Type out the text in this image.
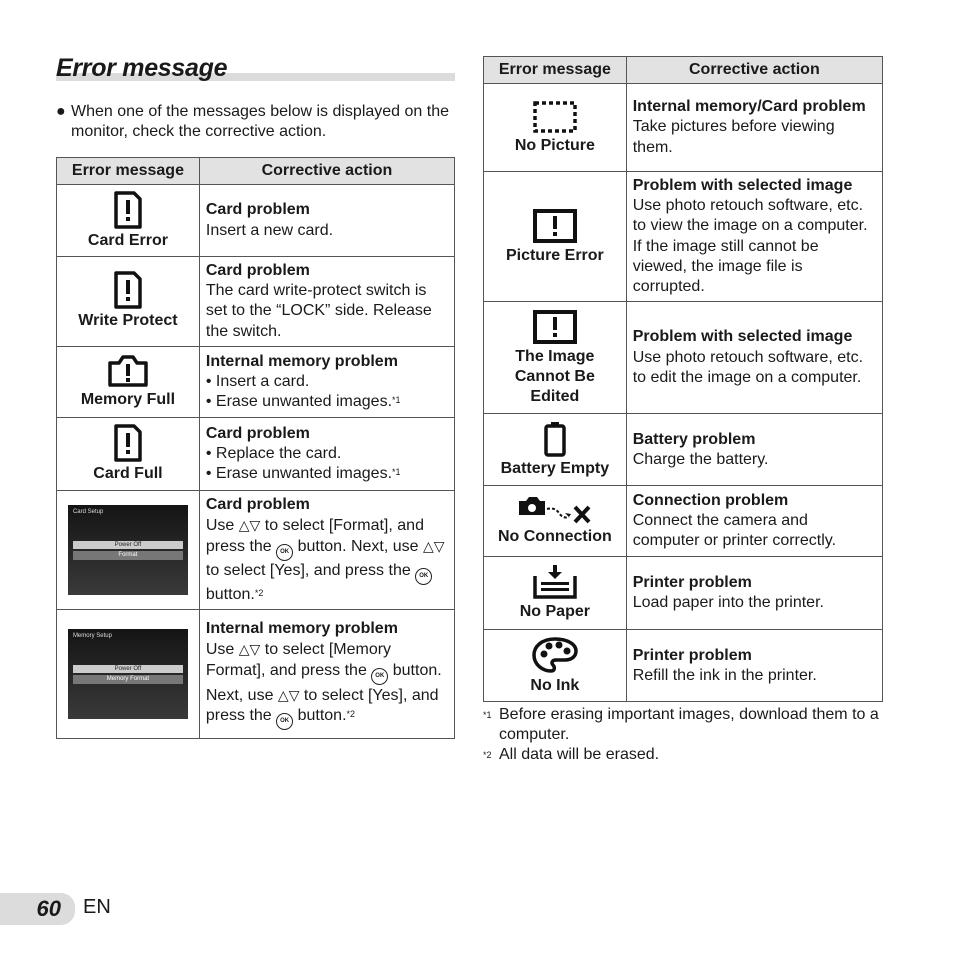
Error message
● When one of the messages below is displayed on the monitor, check the corrective action.
Error message	Corrective action

Card Error	Card problem
Insert a new card.

Write Protect	Card problem
The card write-protect switch is set to the “LOCK” side. Release the switch.

Memory Full	Internal memory problem
• Insert a card.
• Erase unwanted images.$^{*1}$

Card Full	Card problem
• Replace the card.
• Erase unwanted images.$^{*1}$

Card Setup
Power Off
Format	Card problem
Use △▽ to select [Format], and press the OK button. Next, use △▽ to select [Yes], and press the OK button.$^{*2}$

Memory Setup
Power Off
Memory Format	Internal memory problem
Use △▽ to select [Memory Format], and press the OK button. Next, use △▽ to select [Yes], and press the OK button.$^{*2}$
Error message	Corrective action

No Picture	Internal memory/Card problem
Take pictures before viewing them.

Picture Error	Problem with selected image
Use photo retouch software, etc. to view the image on a computer. If the image still cannot be viewed, the image file is corrupted.

The Image Cannot Be Edited	Problem with selected image
Use photo retouch software, etc. to edit the image on a computer.

Battery Empty	Battery problem
Charge the battery.

No Connection	Connection problem
Connect the camera and computer or printer correctly.

No Paper	Printer problem
Load paper into the printer.

No Ink	Printer problem
Refill the ink in the printer.
*1 Before erasing important images, download them to a computer.
*2 All data will be erased.
60 EN
